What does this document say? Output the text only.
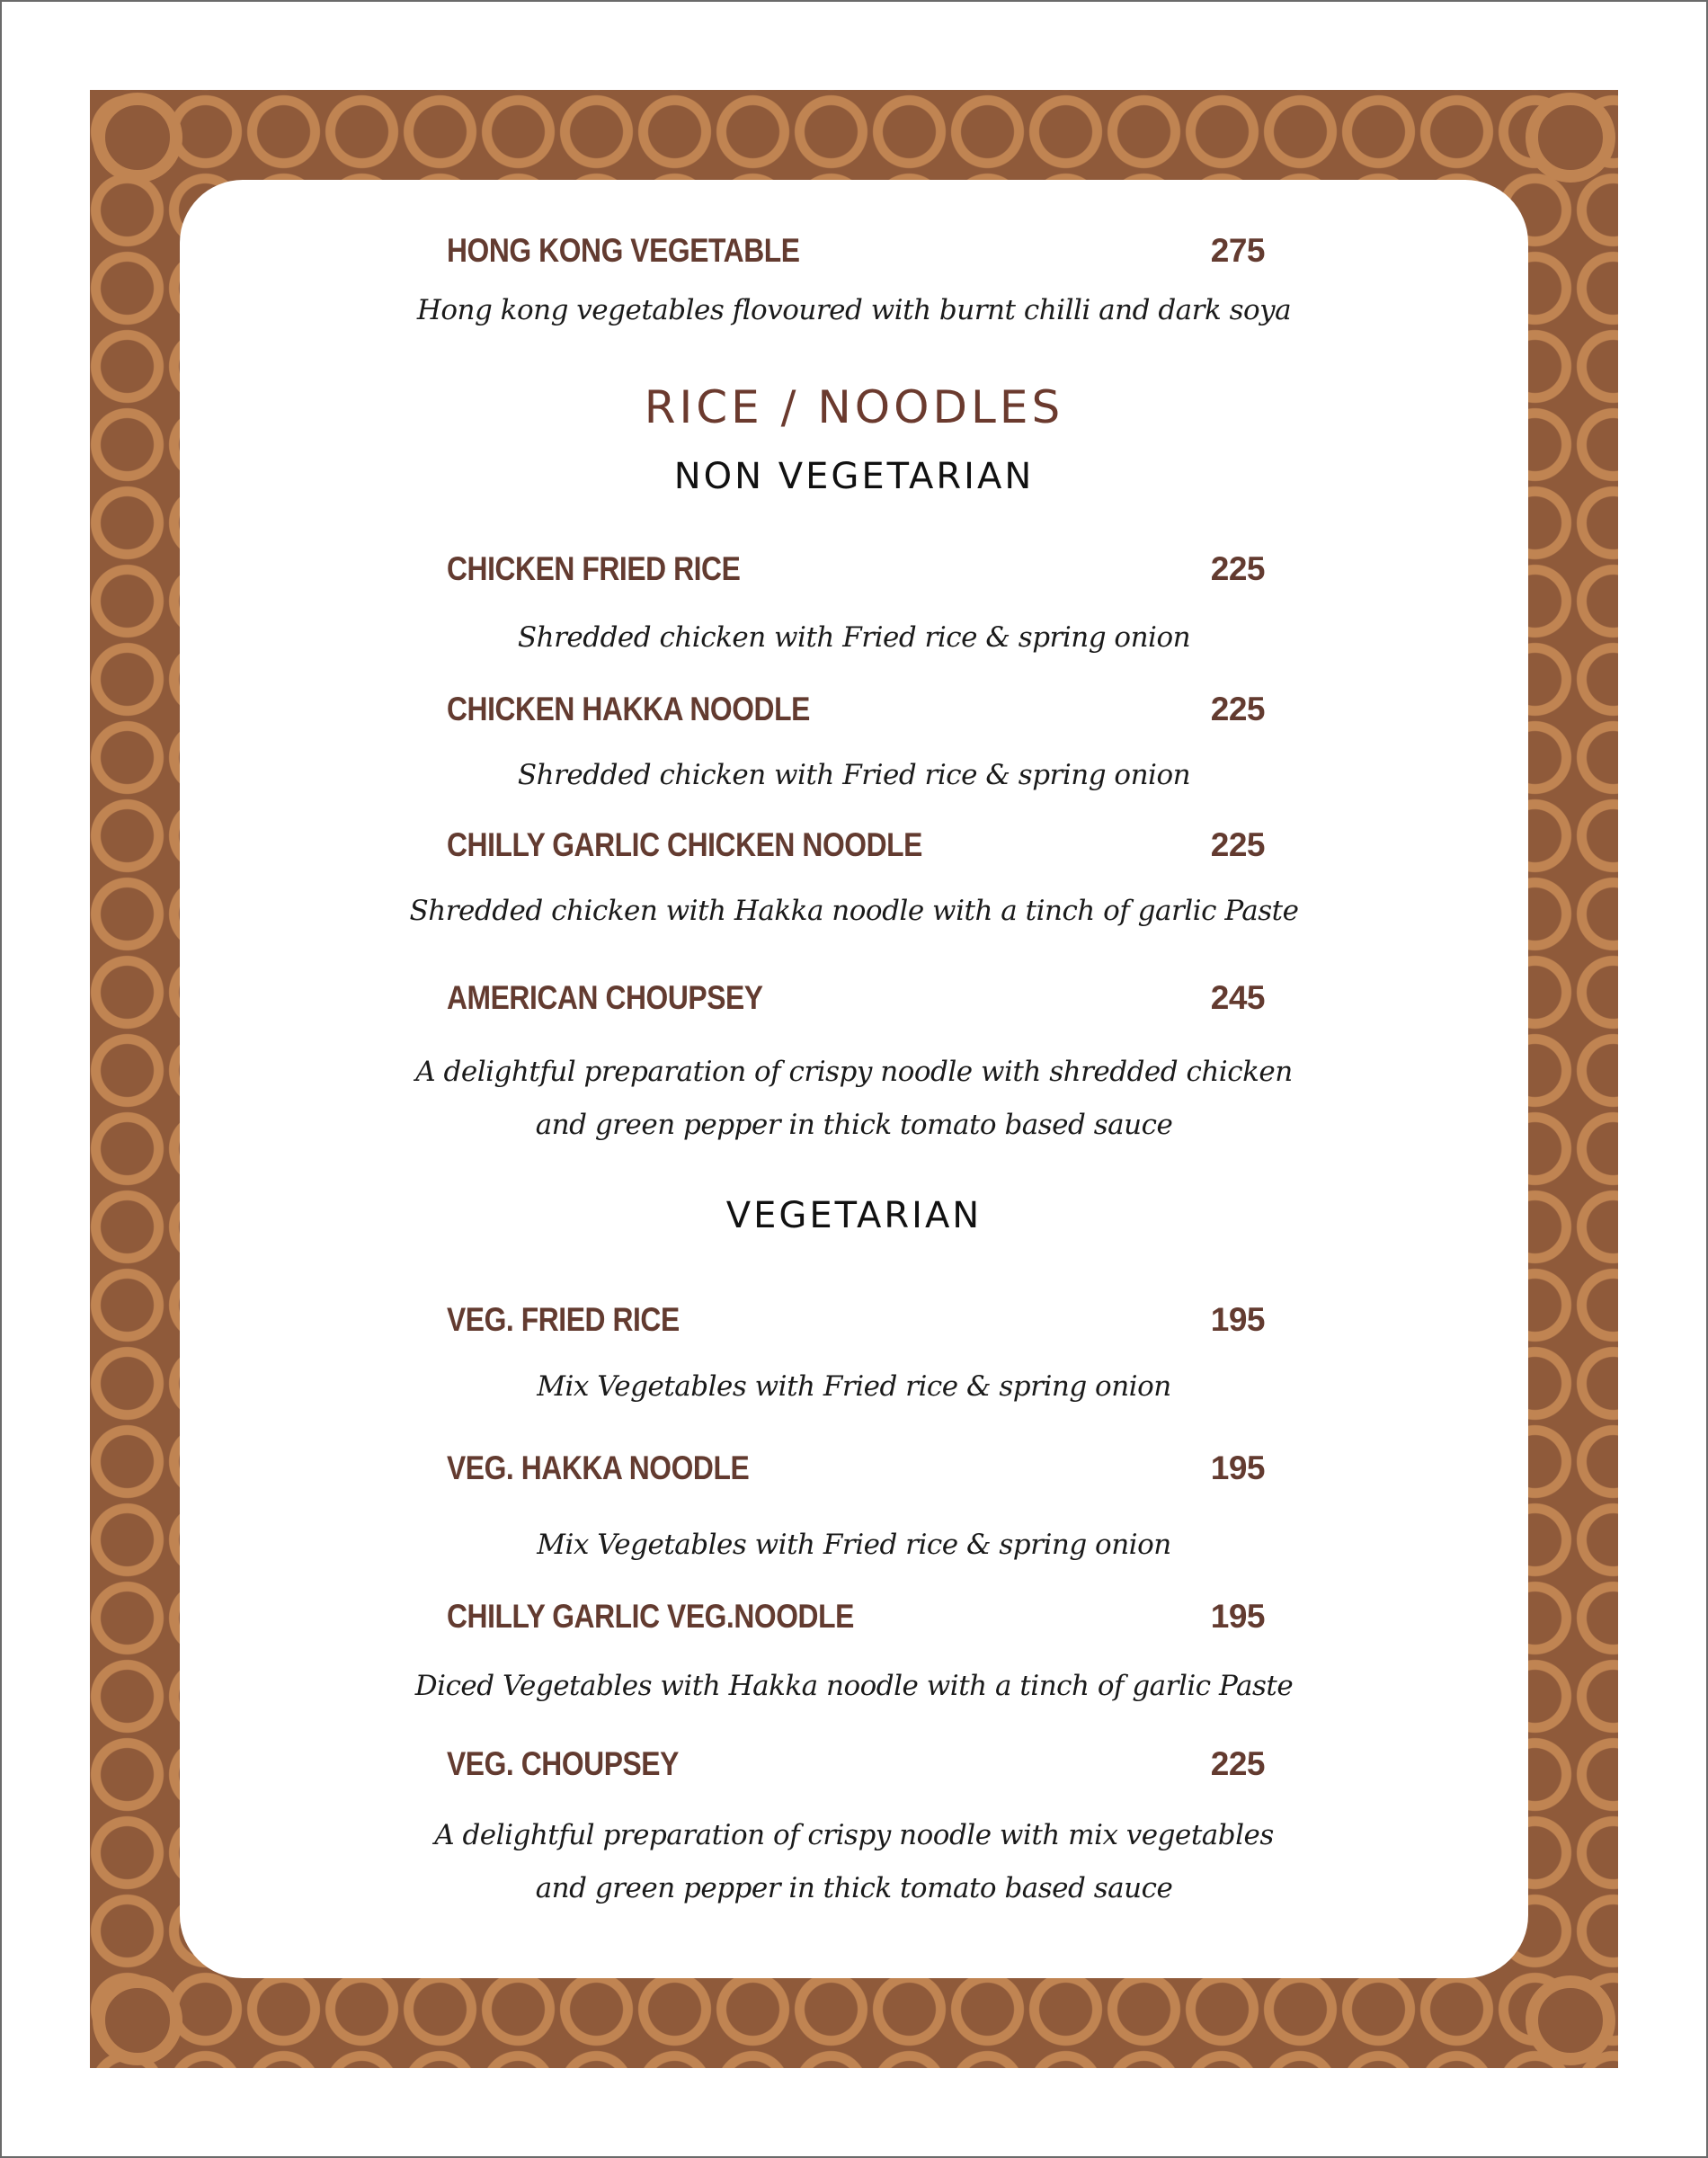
HONG KONG VEGETABLE	275
Hong kong vegetables flovoured with burnt chilli and dark soya
RICE / NOODLES
NON VEGETARIAN
CHICKEN FRIED RICE	225
Shredded chicken with Fried rice & spring onion
CHICKEN HAKKA NOODLE	225
Shredded chicken with Fried rice & spring onion
CHILLY GARLIC CHICKEN NOODLE	225
Shredded chicken with Hakka noodle with a tinch of garlic Paste
AMERICAN CHOUPSEY	245
A delightful preparation of crispy noodle with shredded chicken
and green pepper in thick tomato based sauce
VEGETARIAN
VEG. FRIED RICE	195
Mix Vegetables with Fried rice & spring onion
VEG. HAKKA NOODLE	195
Mix Vegetables with Fried rice & spring onion
CHILLY GARLIC VEG.NOODLE	195
Diced Vegetables with Hakka noodle with a tinch of garlic Paste
VEG. CHOUPSEY	225
A delightful preparation of crispy noodle with mix vegetables
and green pepper in thick tomato based sauce
